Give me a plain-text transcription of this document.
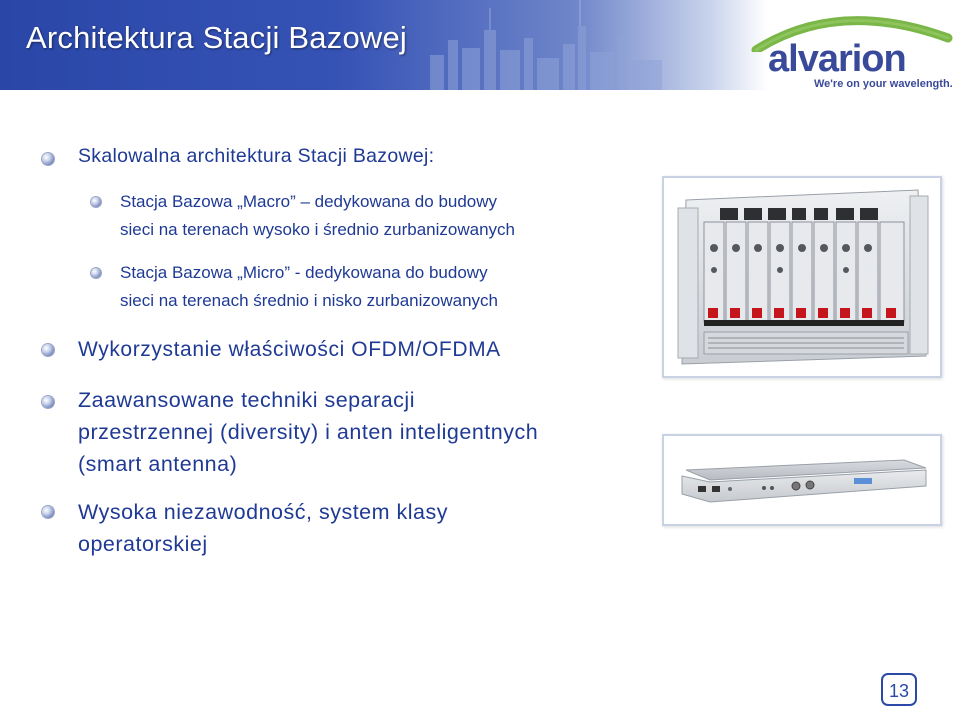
Architektura Stacji Bazowej
alvarion
We're on your wavelength.
Skalowalna architektura Stacji Bazowej:
Stacja Bazowa „Macro” – dedykowana do budowy
sieci na terenach wysoko i średnio zurbanizowanych
Stacja Bazowa „Micro” - dedykowana do budowy
sieci na terenach średnio i nisko zurbanizowanych
Wykorzystanie właściwości OFDM/OFDMA
Zaawansowane techniki separacji
przestrzennej (diversity) i anten inteligentnych
(smart antenna)
Wysoka niezawodność, system klasy
operatorskiej
13
